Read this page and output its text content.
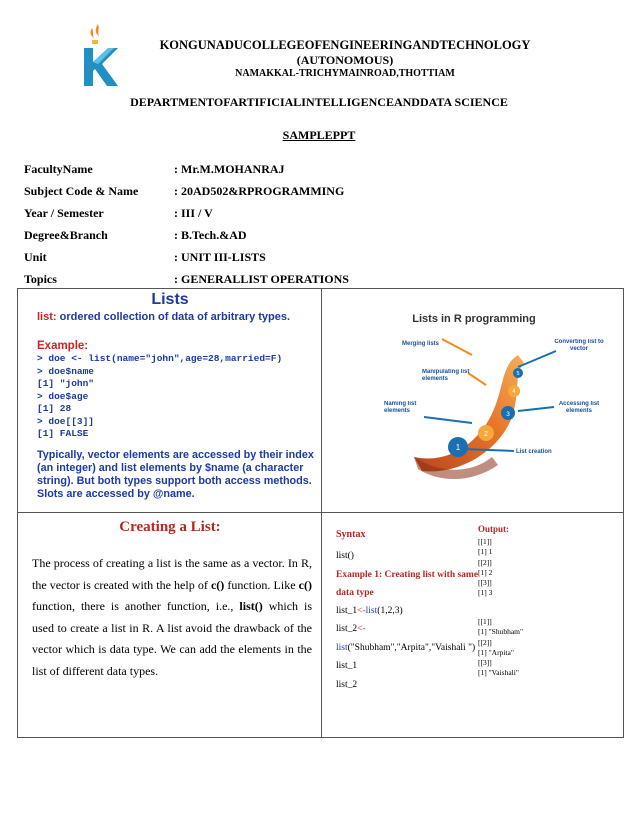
KONGUNADUCOLLEGEOFENGINEERINGANDTECHNOLOGY
(AUTONOMOUS)
NAMAKKAL-TRICHYMAINROAD,THOTTIAM
DEPARTMENTOFARTIFICIALINTELLIGENCEANDDATA SCIENCE
SAMPLEPPT
FacultyName	: Mr.M.MOHANRAJ
Subject Code & Name	: 20AD502&RPROGRAMMING
Year / Semester	: III / V
Degree&Branch	: B.Tech.&AD
Unit	: UNIT III-LISTS
Topics	: GENERALLIST OPERATIONS
Lists
list: ordered collection of data of arbitrary types.
Example:
> doe <- list(name="john",age=28,married=F)
> doe$name
[1] "john"
> doe$age
[1] 28
> doe[[3]]
[1] FALSE
Typically, vector elements are accessed by their index (an integer) and list elements by $name (a character string). But both types support both access methods. Slots are accessed by @name.
Lists in R programming
1
2
3
4
5
Merging lists
Manipulating list elements
Naming list elements
Converting list to vector
Accessing list elements
List creation
Creating a List:
The process of creating a list is the same as a vector. In R, the vector is created with the help of c() function. Like c() function, there is another function, i.e., list() which is used to create a list in R. A list avoid the drawback of the vector which is data type. We can add the elements in the list of different data types.
Syntax
list()
Example 1: Creating list with same data type
list_1<-list(1,2,3)
list_2<-
list("Shubham","Arpita","Vaishali ")
list_1
list_2
Output:
[[1]]
[1] 1
[[2]]
[1] 2
[[3]]
[1] 3
[[1]]
[1] "Shubham"
[[2]]
[1] "Arpita"
[[3]]
[1] "Vaishali"
